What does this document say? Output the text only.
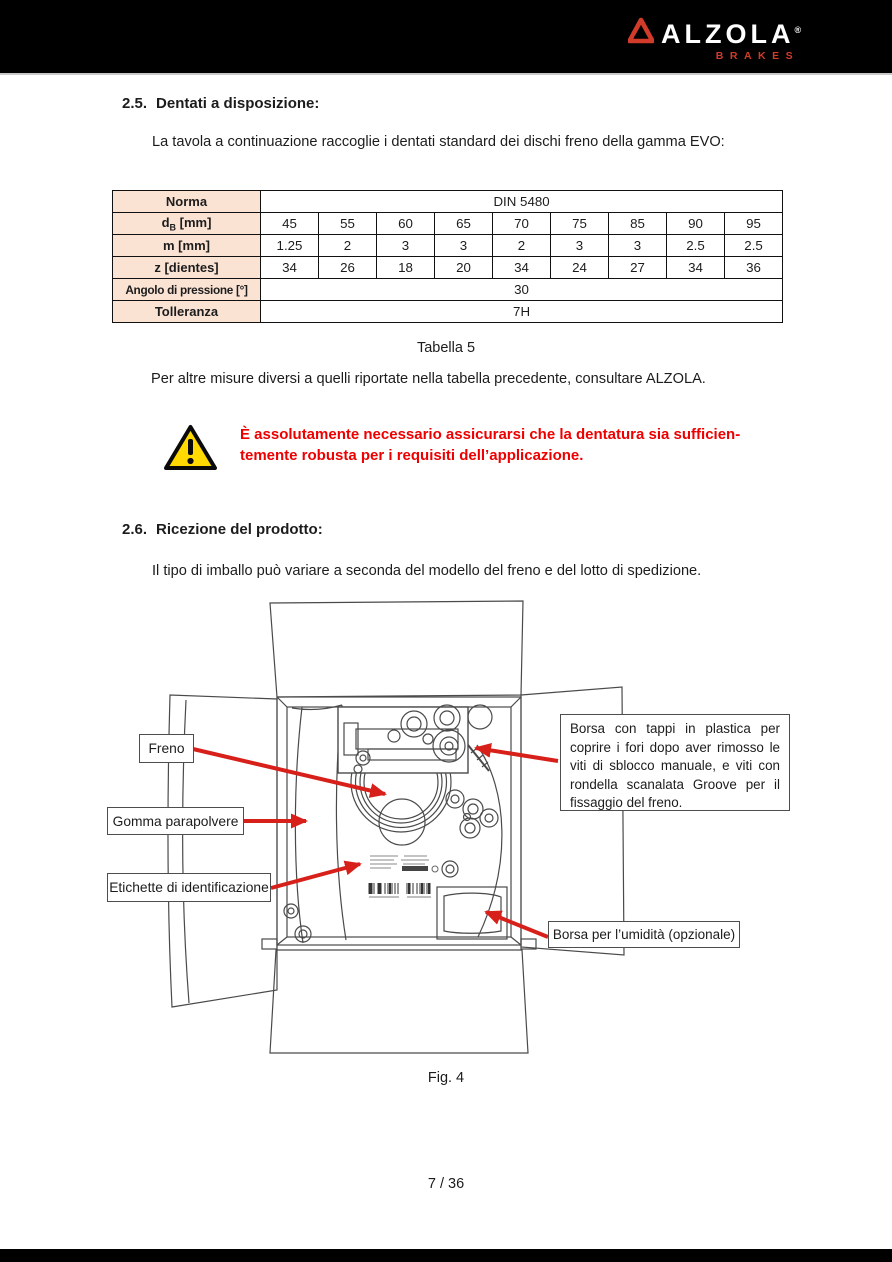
ALZOLA®
BRAKES
2.5. Dentati a disposizione:
La tavola a continuazione raccoglie i dentati standard dei dischi freno della gamma EVO:
Norma	DIN 5480								
$d_B$ [mm]	45	55	60	65	70	75	85	90	95
m [mm]	1.25	2	3	3	2	3	3	2.5	2.5
z [dientes]	34	26	18	20	34	24	27	34	36
Angolo di pressione [°]	30								
Tolleranza	7H								
Tabella 5
Per altre misure diversi a quelli riportate nella tabella precedente, consultare ALZOLA.
È assolutamente necessario assicurarsi che la dentatura sia sufficien-
temente robusta per i requisiti dell’applicazione.
2.6. Ricezione del prodotto:
Il tipo di imballo può variare a seconda del modello del freno e del lotto di spedizione.
Freno
Gomma parapolvere
Etichette di identificazione
Borsa con tappi in plastica per coprire i fori dopo aver rimosso le viti di sblocco manuale, e viti con rondella scanalata Groove per il fissaggio del freno.
Borsa per l’umidità (opzionale)
Fig. 4
7 / 36
